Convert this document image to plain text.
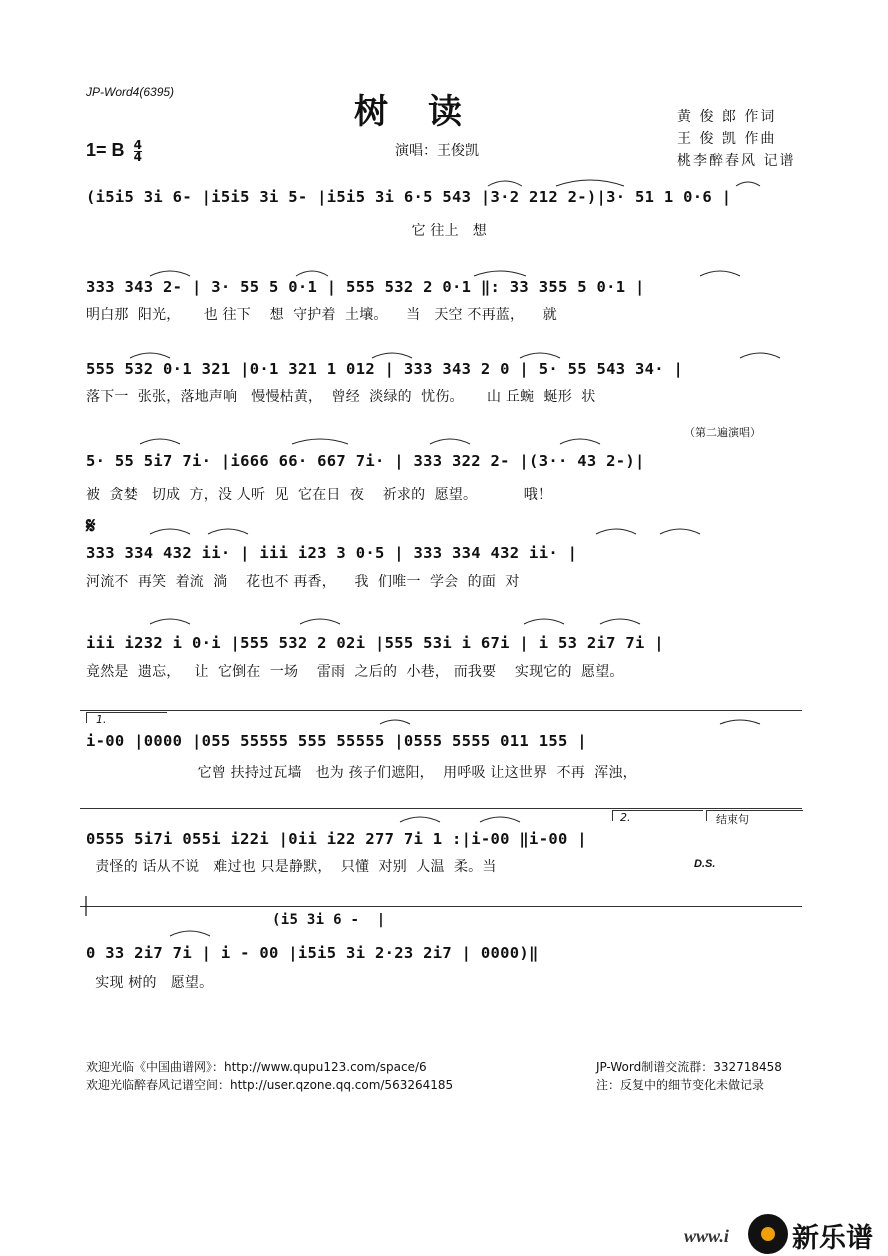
JP-Word4(6395)	树读	黄 俊 郎 作词
王 俊 凯 作曲
桃李醉春风 记谱
1= B $\frac{4}{4}$	演唱：王俊凯
(i5i5 3i 6- |i5i5 3i 5- |i5i5 3i 6·5 543 |3·2 212 2-)|3· 51 1 0·6 |
它 往上   想
333 343 2- | 3· 55 5 0·1 | 555 532 2 0·1 ‖: 33 355 5 0·1 |
明白那  阳光，     也 往下    想  守护着  土壤。    当   天空 不再蓝，    就
555 532 0·1 321 |0·1 321 1 012 | 333 343 2 0 | 5· 55 543 34· |
落下一  张张，落地声响   慢慢枯黄，  曾经  淡绿的  忧伤。     山 丘蜿  蜒形  状
（第二遍演唱）
5· 55 5i7 7i· |i666 66· 667 7i· | 333 322 2- |(3·· 43 2-)|
被  贪婪   切成  方，没 人听  见  它在日  夜    祈求的  愿望。          哦！
𝄋
333 334 432 ii· | iii i23 3 0·5 | 333 334 432 ii· |
河流不  再笑  着流  淌    花也不 再香，    我  们唯一  学会  的面  对
iii i232 i 0·i |555 532 2 02i |555 53i i 67i | i 53 2i7 7i |
竟然是  遗忘，   让  它倒在  一场    雷雨  之后的  小巷， 而我要    实现它的  愿望。
1.
i-00 |0000 |055 55555 555 55555 |0555 5555 011 155 |
它曾 扶持过瓦墙   也为 孩子们遮阳，  用呼吸 让这世界  不再  浑浊，
2.	结束句
0555 5i7i 055i i22i |0ii i22 277 7i 1 :|i-00 ‖i-00 |
责怪的 话从不说   难过也 只是静默，  只懂  对别  人温  柔。当	D.S.
(i5 3i 6 -  |
0 33 2i7 7i | i - 00 |i5i5 3i 2·23 2i7 | 0000)‖
实现 树的   愿望。
欢迎光临《中国曲谱网》：http://www.qupu123.com/space/6
欢迎光临醉春风记谱空间：http://user.qzone.qq.com/563264185
JP-Word制谱交流群：332718458
注：反复中的细节变化未做记录
www.i 新乐谱
